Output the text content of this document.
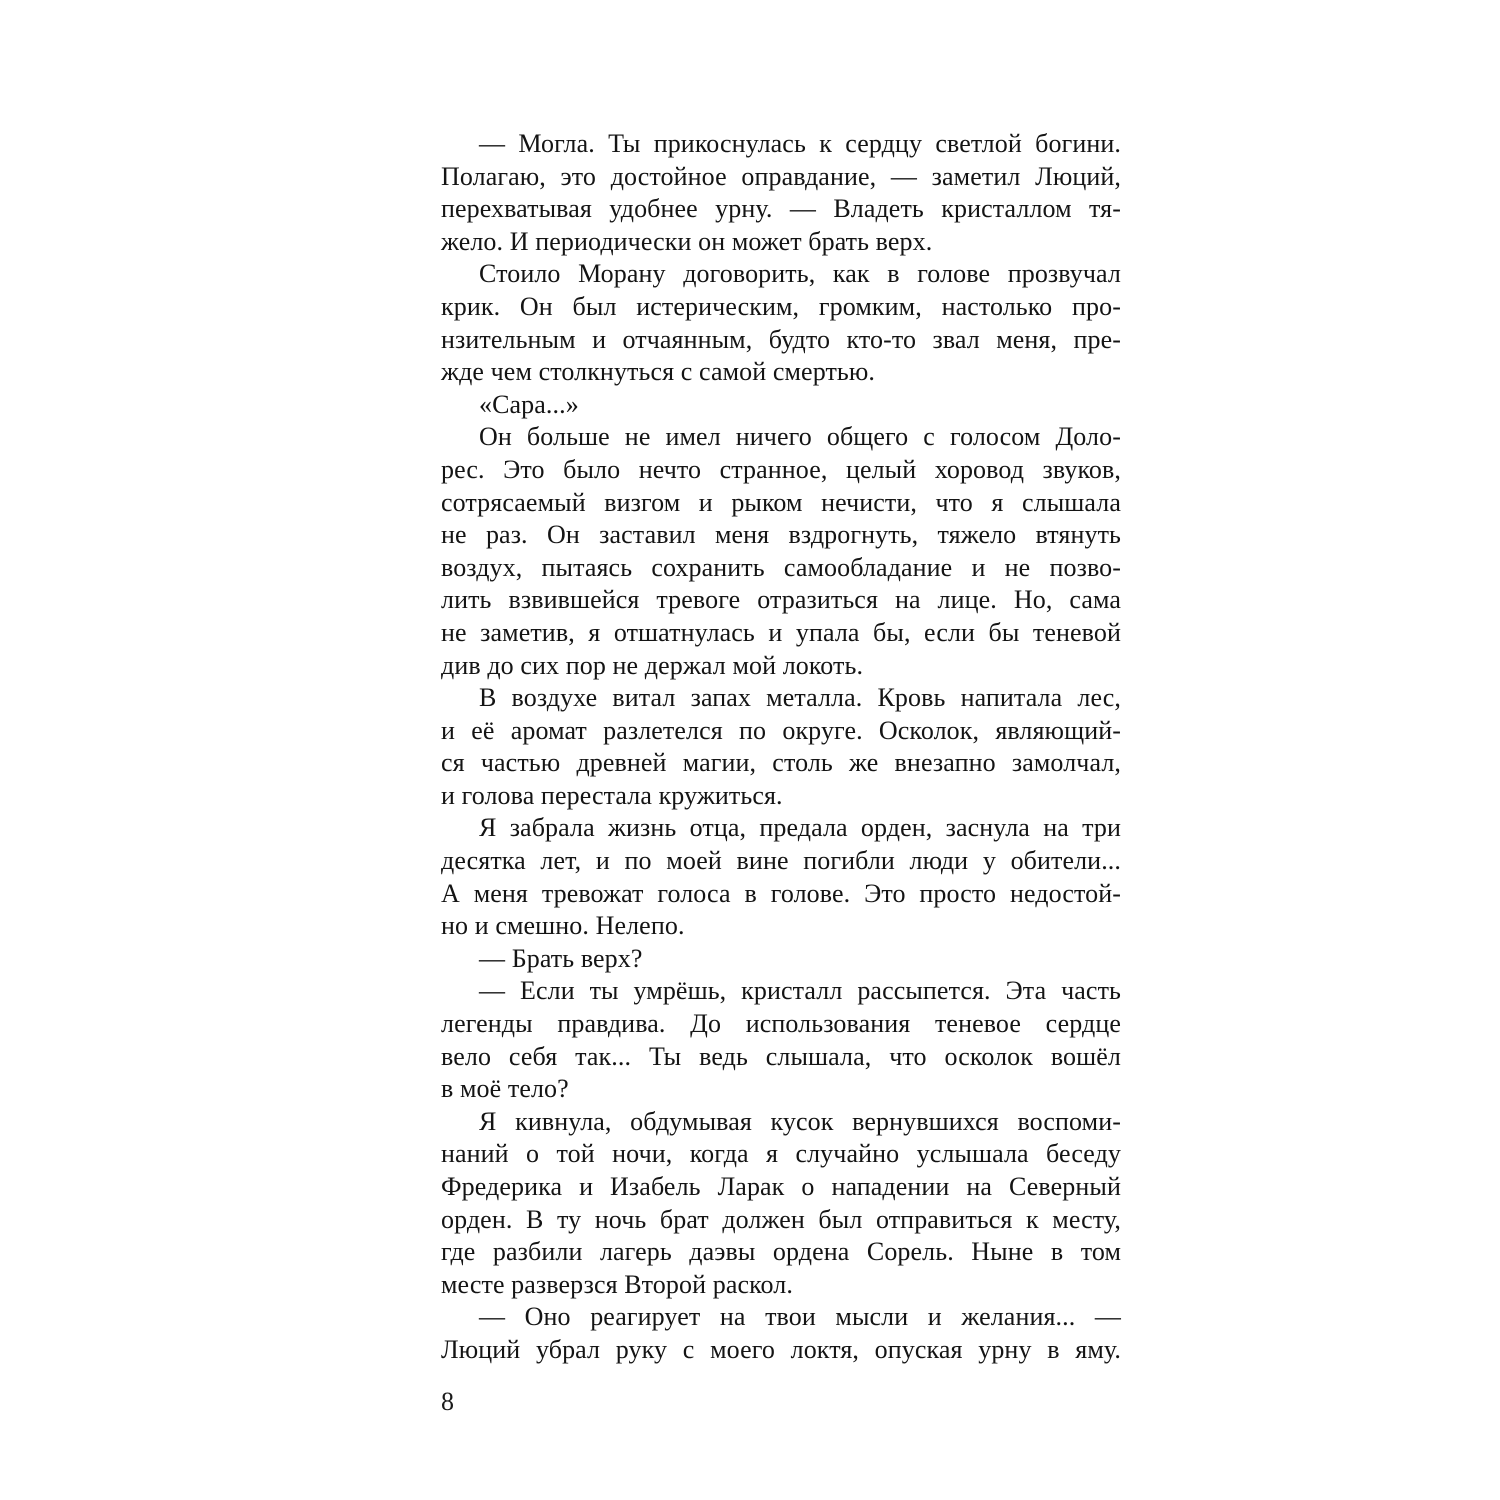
— Могла. Ты прикоснулась к сердцу светлой богини.
Полагаю, это достойное оправдание, — заметил Люций,
перехватывая удобнее урну. — Владеть кристаллом тя-
жело. И периодически он может брать верх.
Стоило Морану договорить, как в голове прозвучал
крик. Он был истерическим, громким, настолько про-
нзительным и отчаянным, будто кто-то звал меня, пре-
жде чем столкнуться с самой смертью.
«Сара...»
Он больше не имел ничего общего с голосом Доло-
рес. Это было нечто странное, целый хоровод звуков,
сотрясаемый визгом и рыком нечисти, что я слышала
не раз. Он заставил меня вздрогнуть, тяжело втянуть
воздух, пытаясь сохранить самообладание и не позво-
лить взвившейся тревоге отразиться на лице. Но, сама
не заметив, я отшатнулась и упала бы, если бы теневой
див до сих пор не держал мой локоть.
В воздухе витал запах металла. Кровь напитала лес,
и её аромат разлетелся по округе. Осколок, являющий-
ся частью древней магии, столь же внезапно замолчал,
и голова перестала кружиться.
Я забрала жизнь отца, предала орден, заснула на три
десятка лет, и по моей вине погибли люди у обители...
А меня тревожат голоса в голове. Это просто недостой-
но и смешно. Нелепо.
— Брать верх?
— Если ты умрёшь, кристалл рассыпется. Эта часть
легенды правдива. До использования теневое сердце
вело себя так... Ты ведь слышала, что осколок вошёл
в моё тело?
Я кивнула, обдумывая кусок вернувшихся воспоми-
наний о той ночи, когда я случайно услышала беседу
Фредерика и Изабель Ларак о нападении на Северный
орден. В ту ночь брат должен был отправиться к месту,
где разбили лагерь даэвы ордена Сорель. Ныне в том
месте разверзся Второй раскол.
— Оно реагирует на твои мысли и желания... —
Люций убрал руку с моего локтя, опуская урну в яму.
8
